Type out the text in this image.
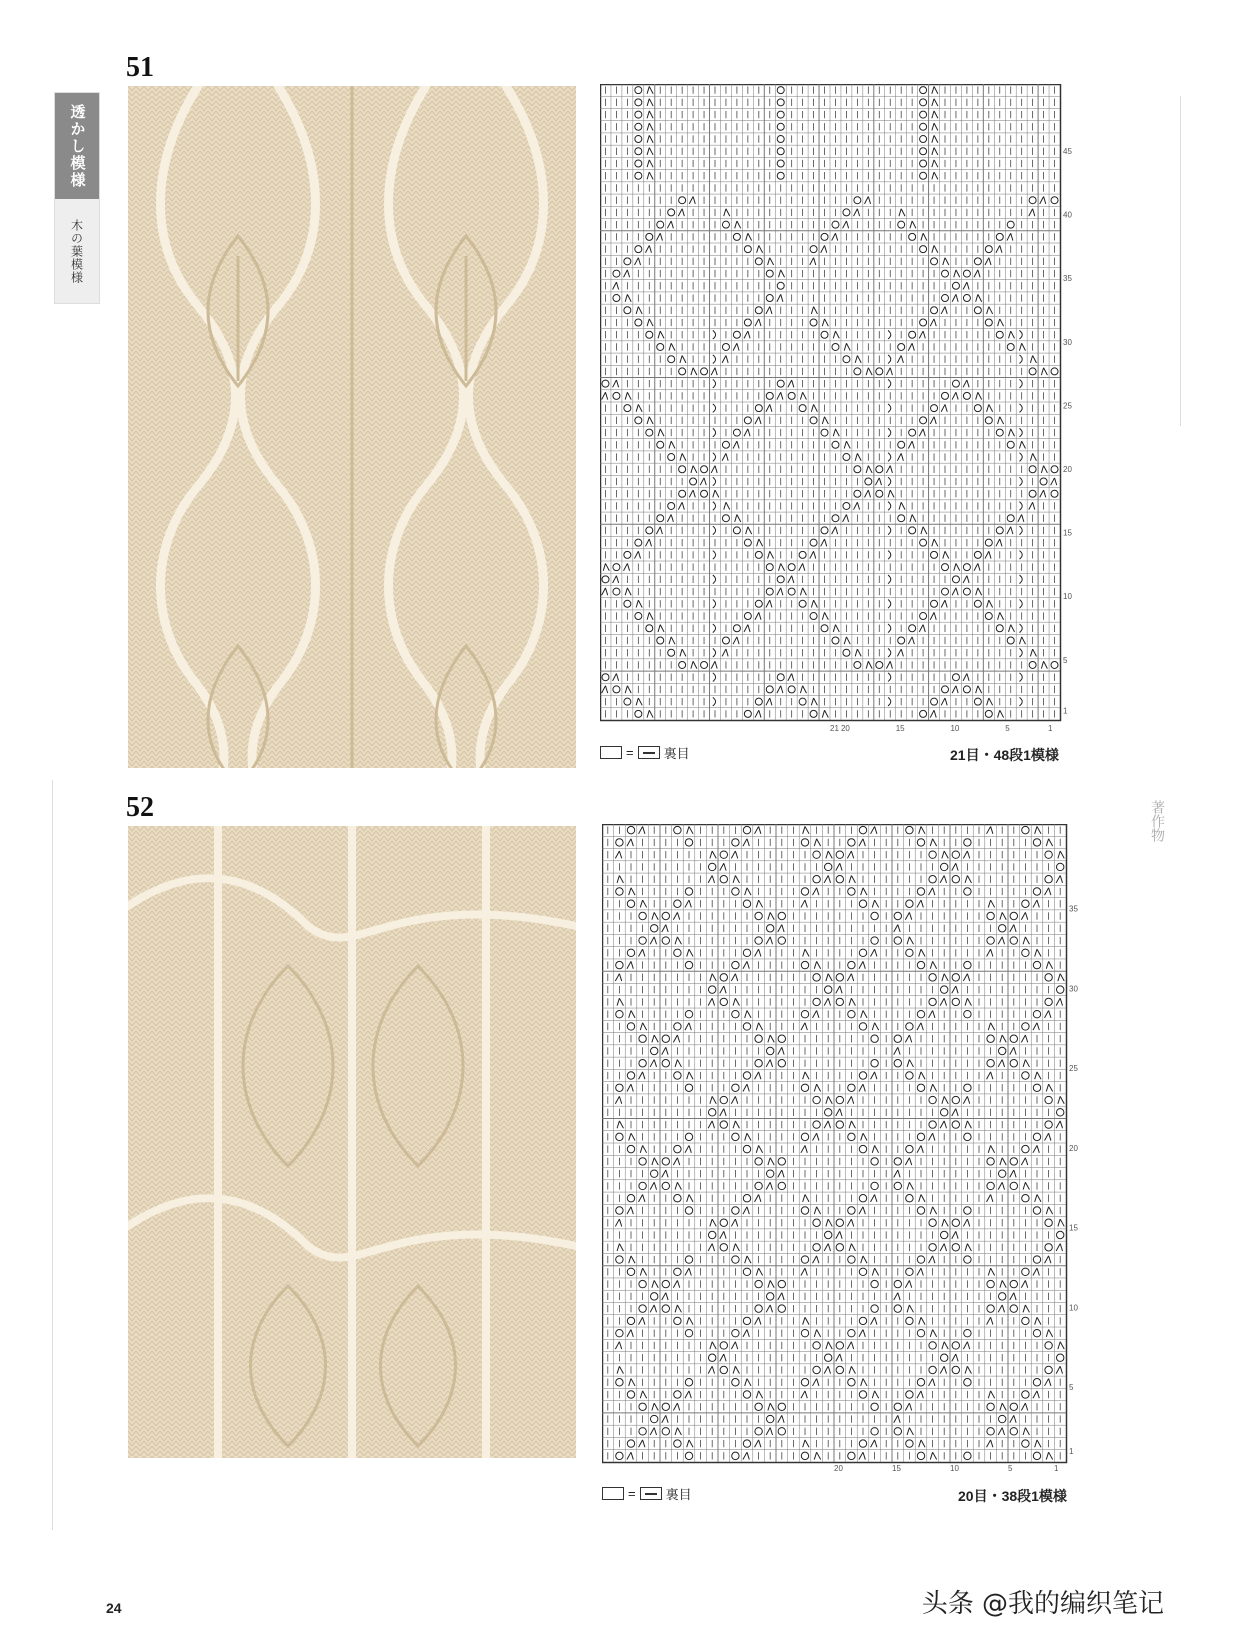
透かし模様
木の葉模様
51
1
5
10
15
20
25
30
35
40
45
21 20	15	10	5	1
= 裏目	21目・48段1模様
52
1
5
10
15
20
25
30
35
20	15	10	5	1
= 裏目	20目・38段1模様
著作物
24	头条 @我的编织笔记
